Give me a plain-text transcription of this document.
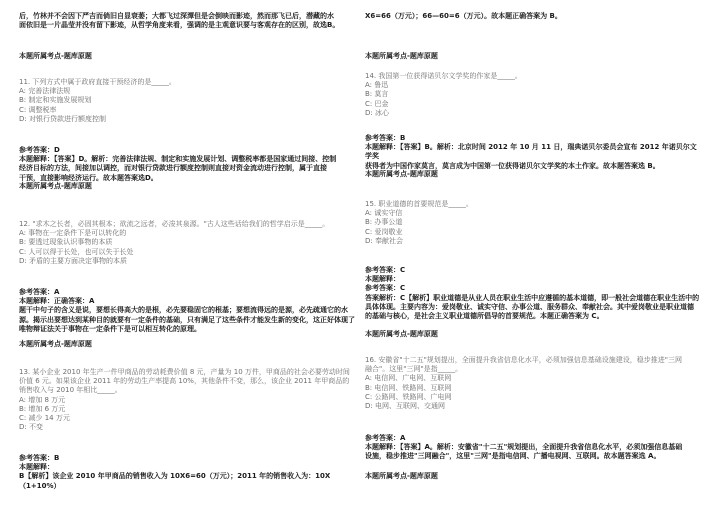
后，竹林并不会因下严吉而倘旧自显衰萎；大都飞过深潭但是会倒映而影迹，然而那飞已后，潜藏的水
面依旧是一片晶莹并没有留下影迹，从哲学角度来看，强调的是主观意识要与客观存在的区别，故选B。
本题所属考点-题库原题
11. 下列方式中属于政府直接干预经济的是_____。
A: 完善法律法规
B: 制定和实施发展规划
C: 调整税率
D: 对银行贷款进行额度控制
参考答案：D
本题解释：【答案】D。解析：完善法律法规、制定和实施发展计划、调整税率都是国家通过间接、控制
经济目标的方法，间接加以调控，而对银行贷款进行额度控制则直接对资金流动进行控制，属于直接
干预，直接影响经济运行。故本题答案选D。
本题所属考点-题库原题
12. "求木之长者，必固其根本；欲流之远者，必浚其泉源。"古人这些话给我们的哲学启示是_____。
A: 事物在一定条件下是可以转化的
B: 要透过现象认识事物的本质
C: 人可以得于长处，也可以失于长处
D: 矛盾的主要方面决定事物的本质
参考答案：A
本题解释：正确答案：A
题干中句子的含义是说，要想长得高大的是根，必先要稳固它的根基；要想流得远的是源，必先疏通它的水
源。揭示出要想达到某种目的就要有一定条件的基础，只有满足了这些条件才能发生新的变化，这正好体现了
唯物辩证法关于事物在一定条件下是可以相互转化的原理。
本题所属考点-题库原题
13. 某小企业 2010 年生产一件甲商品的劳动耗费价值 8 元，产量为 10 万件，甲商品的社会必要劳动时间
价值 6 元。如果该企业 2011 年的劳动生产率提高 10%，其他条件不变，那么，该企业 2011 年甲商品的
销售收入与 2010 年相比_____。
A: 增加 8 万元
B: 增加 6 万元
C: 减少 14 万元
D: 不变
参考答案：B
本题解释：
B【解析】该企业 2010 年甲商品的销售收入为 10X6=60（万元）；2011 年的销售收入为：10X（1+10%）
X6=66（万元）；66—60=6（万元）。故本题正确答案为 B。
本题所属考点-题库原题
14. 我国第一位获得诺贝尔文学奖的作家是_____。
A: 鲁迅
B: 莫言
C: 巴金
D: 冰心
参考答案：B
本题解释：【答案】B。解析：北京时间 2012 年 10 月 11 日，瑞典诺贝尔委员会宣布 2012 年诺贝尔文学奖
获得者为中国作家莫言，莫言成为中国第一位获得诺贝尔文学奖的本土作家。故本题答案选 B。
本题所属考点-题库原题
15. 职业道德的首要规范是_____。
A: 诚实守信
B: 办事公道
C: 爱岗敬业
D: 奉献社会
参考答案：C
本题解释：
参考答案：C
答案解析：C【解析】职业道德是从业人员在职业生活中应遵循的基本道德，即一般社会道德在职业生活中的
具体体现。主要内容为：爱岗敬业、诚实守信、办事公道、服务群众、奉献社会。其中爱岗敬业是职业道德
的基础与核心，是社会主义职业道德所倡导的首要规范。本题正确答案为 C。
本题所属考点-题库原题
16. 安徽省"十二五"规划提出，全面提升我省信息化水平，必须加强信息基础设施建设，稳步推进"三网
融合"。这里"三网"是指_____。
A: 电信网、广电网、互联网
B: 电信网、铁路网、互联网
C: 公路网、铁路网、广电网
D: 电网、互联网、交通网
参考答案：A
本题解释：【答案】A。解析：安徽省"十二五"规划提出，全面提升我省信息化水平，必须加强信息基础
设施，稳步推进"三网融合"，这里"三网"是指电信网、广播电视网、互联网。故本题答案选 A。
本题所属考点-题库原题
